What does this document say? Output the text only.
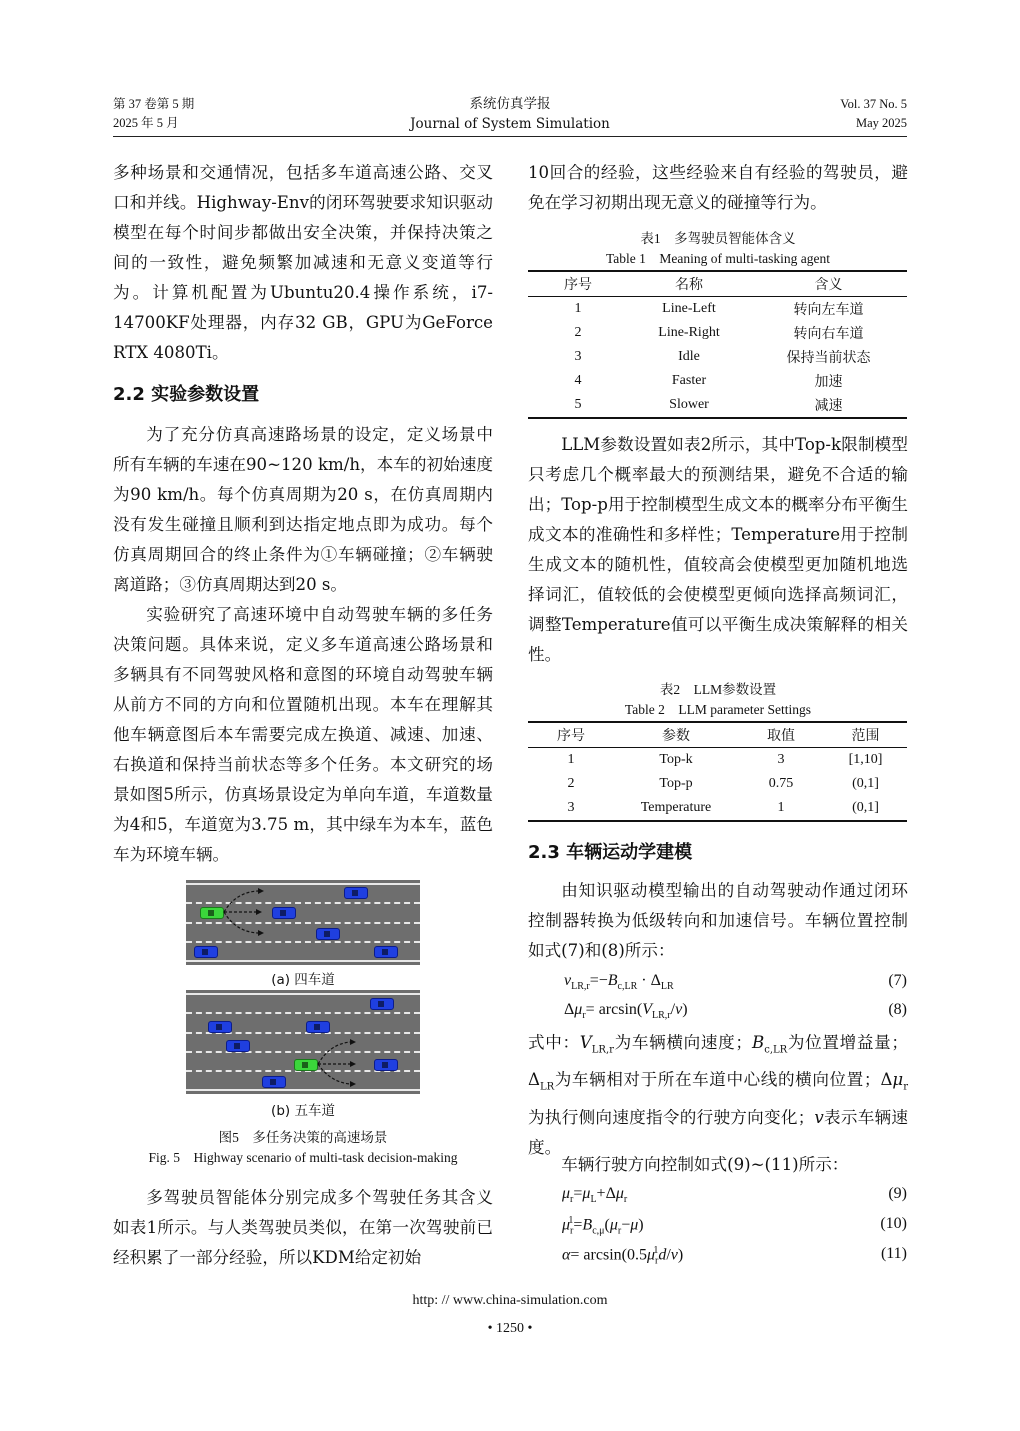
第 37 卷第 5 期
2025 年 5 月
系统仿真学报
Journal of System Simulation
Vol. 37 No. 5
May 2025

多种场景和交通情况，包括多车道高速公路、交叉口和并线。Highway-Env的闭环驾驶要求知识驱动模型在每个时间步都做出安全决策，并保持决策之间的一致性，避免频繁加减速和无意义变道等行为。计算机配置为Ubuntu20.4操作系统，i7-14700KF处理器，内存32 GB，GPU为GeForce RTX 4080Ti。

2.2 实验参数设置

为了充分仿真高速路场景的设定，定义场景中所有车辆的车速在90~120 km/h，本车的初始速度为90 km/h。每个仿真周期为20 s，在仿真周期内没有发生碰撞且顺利到达指定地点即为成功。每个仿真周期回合的终止条件为①车辆碰撞；②车辆驶离道路；③仿真周期达到20 s。

实验研究了高速环境中自动驾驶车辆的多任务决策问题。具体来说，定义多车道高速公路场景和多辆具有不同驾驶风格和意图的环境自动驾驶车辆从前方不同的方向和位置随机出现。本车在理解其他车辆意图后本车需要完成左换道、减速、加速、右换道和保持当前状态等多个任务。本文研究的场景如图5所示，仿真场景设定为单向车道，车道数量为4和5，车道宽为3.75 m，其中绿车为本车，蓝色车为环境车辆。

(a) 四车道
(b) 五车道
图5　多任务决策的高速场景
Fig. 5　Highway scenario of multi-task decision-making

多驾驶员智能体分别完成多个驾驶任务其含义如表1所示。与人类驾驶员类似，在第一次驾驶前已经积累了一部分经验，所以KDM给定初始

10回合的经验，这些经验来自有经验的驾驶员，避免在学习初期出现无意义的碰撞等行为。

表1　多驾驶员智能体含义
Table 1　Meaning of multi-tasking agent
序号	名称	含义
1	Line-Left	转向左车道
2	Line-Right	转向右车道
3	Idle	保持当前状态
4	Faster	加速
5	Slower	减速

LLM参数设置如表2所示，其中Top-k限制模型只考虑几个概率最大的预测结果，避免不合适的输出；Top-p用于控制模型生成文本的概率分布平衡生成文本的准确性和多样性；Temperature用于控制生成文本的随机性，值较高会使模型更加随机地选择词汇，值较低的会使模型更倾向选择高频词汇，调整Temperature值可以平衡生成决策解释的相关性。

表2　LLM参数设置
Table 2　LLM parameter Settings
序号	参数	取值	范围
1	Top-k	3	[1,10]
2	Top-p	0.75	(0,1]
3	Temperature	1	(0,1]
2.3 车辆运动学建模

由知识驱动模型输出的自动驾驶动作通过闭环控制器转换为低级转向和加速信号。车辆位置控制如式(7)和(8)所示：

$v_{LR,r}=-B_{c,LR} \cdot \Delta_{LR}$	(7)
$\Delta\mu_r= \arcsin(V_{LR,r}/v)$	(8)

式中：$V_{LR,r}$为车辆横向速度；$B_{c,LR}$为位置增益量；$\Delta_{LR}$为车辆相对于所在车道中心线的横向位置；$\Delta\mu_r$为执行侧向速度指令的行驶方向变化；v表示车辆速度。

车辆行驶方向控制如式(9)~(11)所示：

$\mu_r=\mu_L+\Delta\mu_r$	(9)
$\mu_r^1=B_{c,\mu}(\mu_r-\mu)$	(10)
$\alpha= \arcsin(0.5\mu_r^1d/v)$	(11)
http: // www.china-simulation.com
• 1250 •
